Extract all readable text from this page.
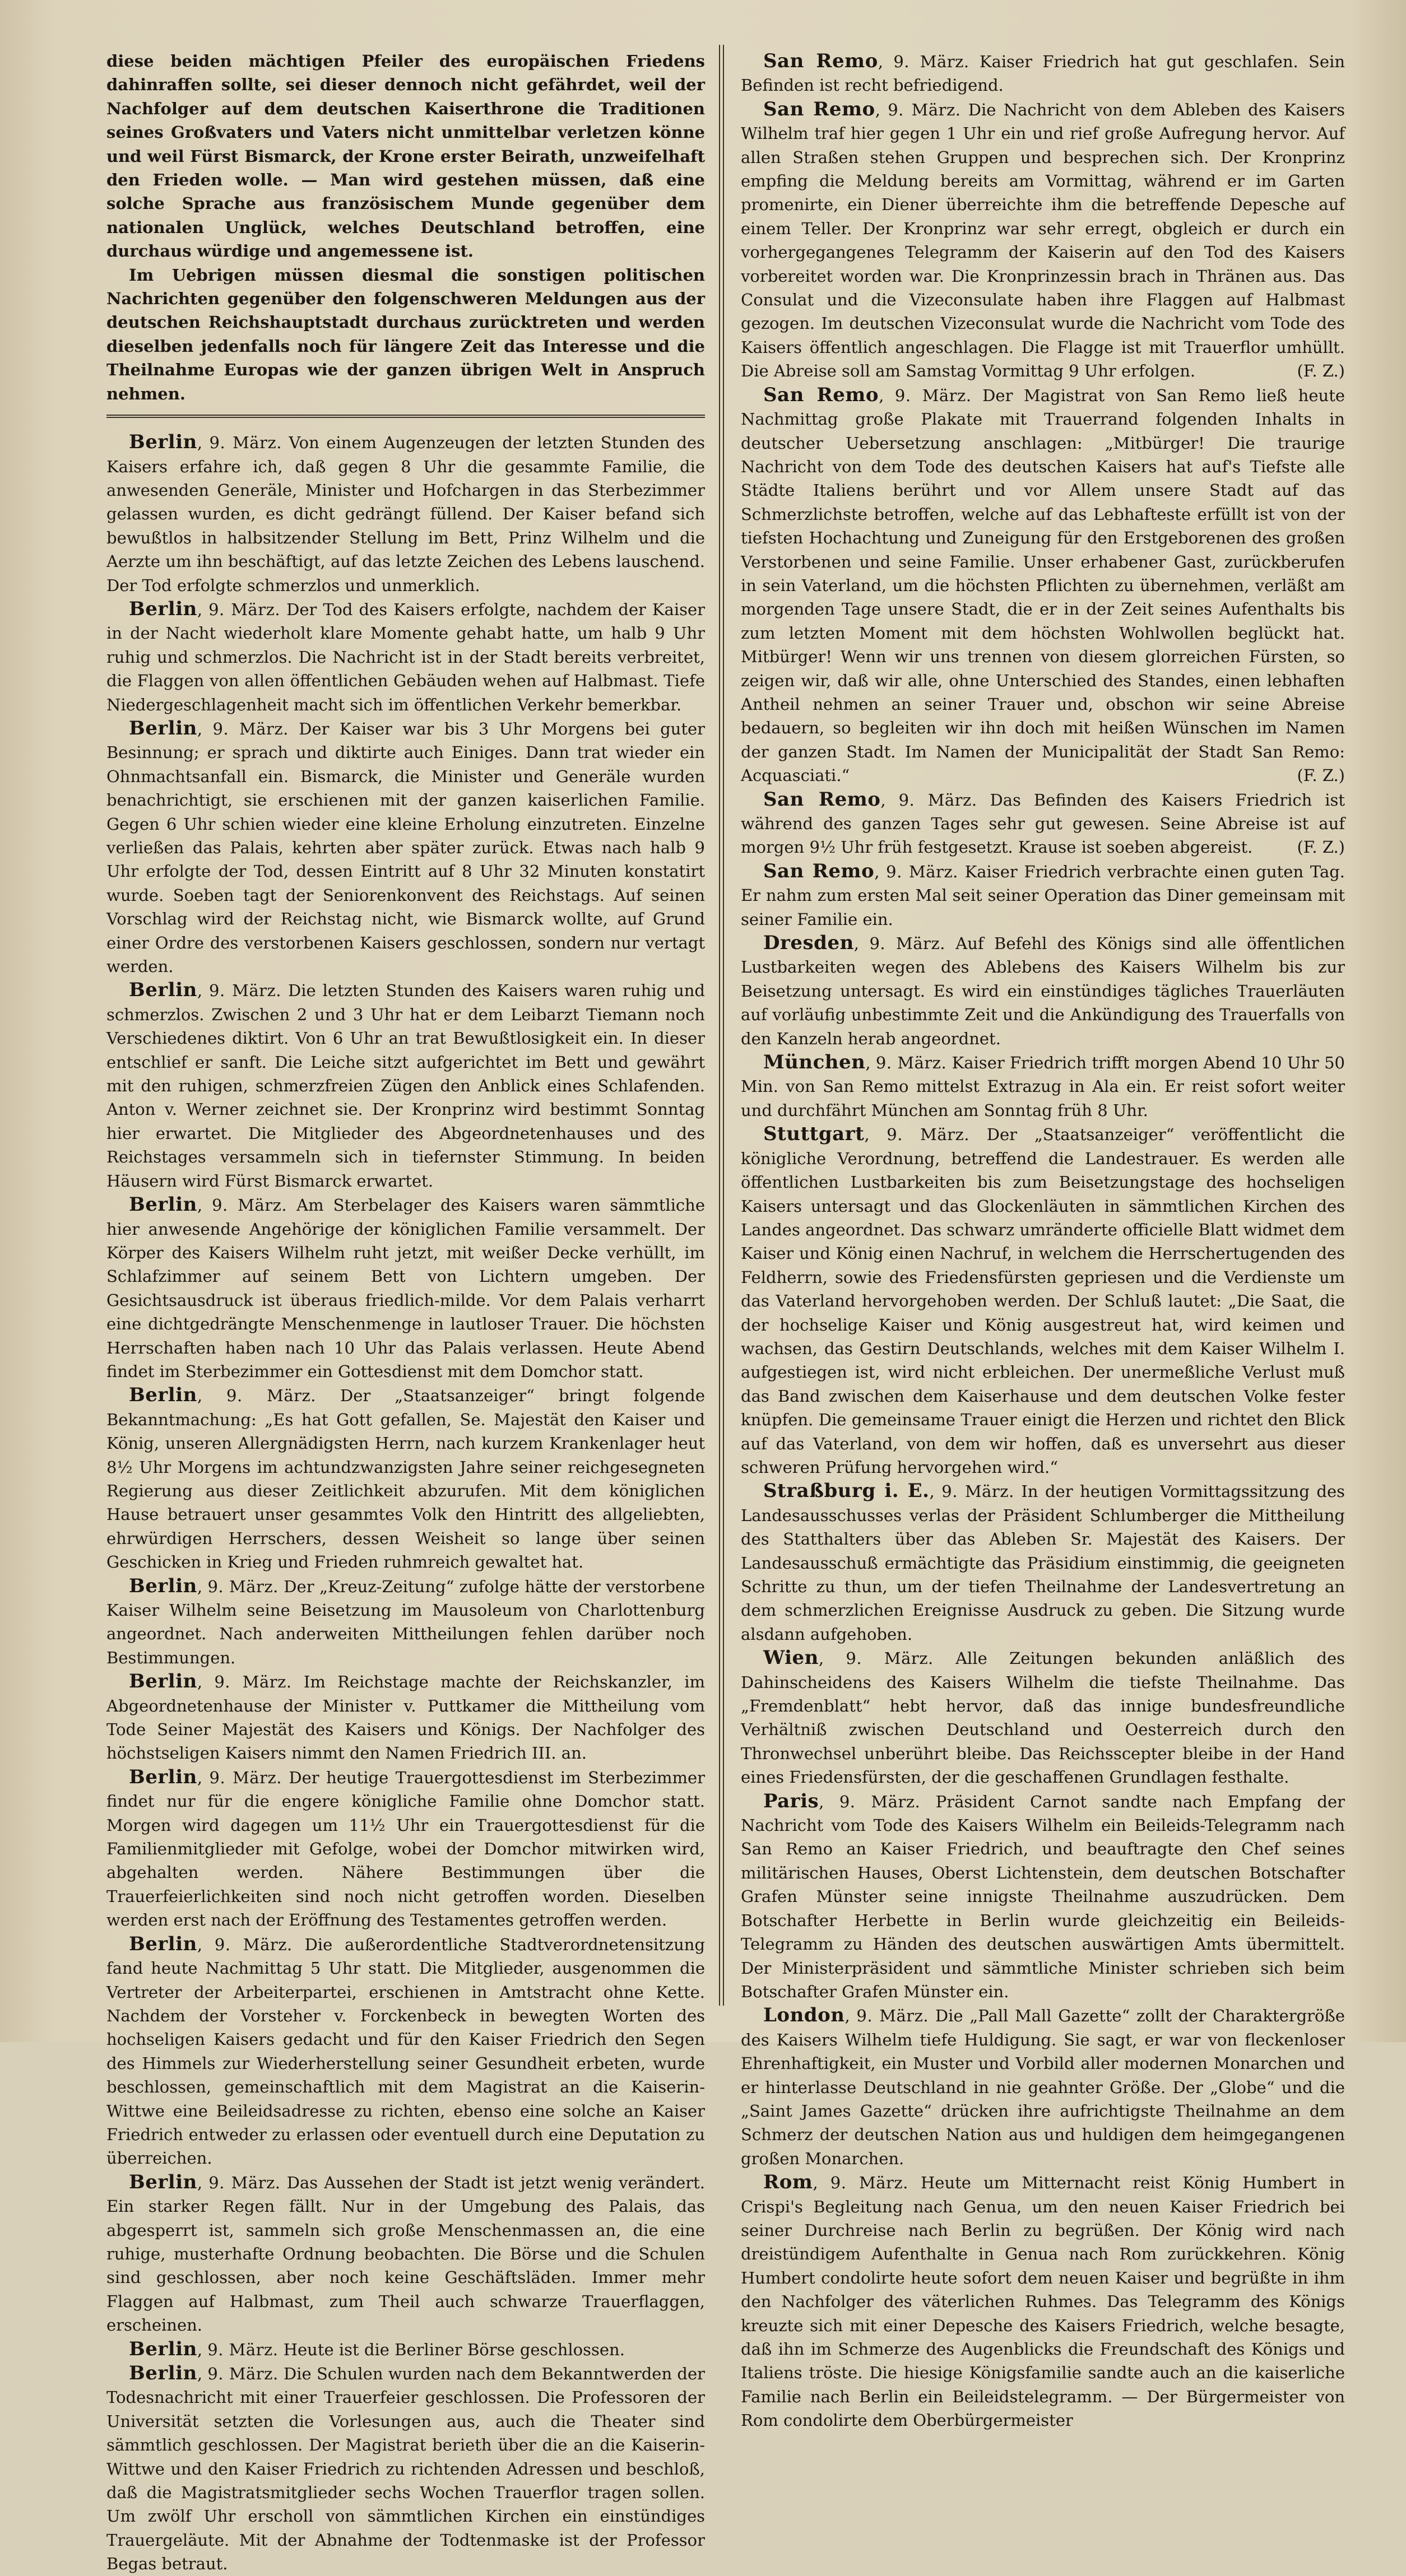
diese beiden mächtigen Pfeiler des europäischen Friedens dahinraffen sollte, sei dieser dennoch nicht gefährdet, weil der Nachfolger auf dem deutschen Kaiserthrone die Traditionen seines Großvaters und Vaters nicht unmittelbar verletzen könne und weil Fürst Bismarck, der Krone erster Beirath, unzweifelhaft den Frieden wolle. — Man wird gestehen müssen, daß eine solche Sprache aus französischem Munde gegenüber dem nationalen Unglück, welches Deutschland betroffen, eine durchaus würdige und angemessene ist.

Im Uebrigen müssen diesmal die sonstigen politischen Nachrichten gegenüber den folgenschweren Meldungen aus der deutschen Reichshauptstadt durchaus zurücktreten und werden dieselben jedenfalls noch für längere Zeit das Interesse und die Theilnahme Europas wie der ganzen übrigen Welt in Anspruch nehmen.

Berlin, 9. März. Von einem Augenzeugen der letzten Stunden des Kaisers erfahre ich, daß gegen 8 Uhr die gesammte Familie, die anwesenden Generäle, Minister und Hofchargen in das Sterbezimmer gelassen wurden, es dicht gedrängt füllend. Der Kaiser befand sich bewußtlos in halbsitzender Stellung im Bett, Prinz Wilhelm und die Aerzte um ihn beschäftigt, auf das letzte Zeichen des Lebens lauschend. Der Tod erfolgte schmerzlos und unmerklich.

Berlin, 9. März. Der Tod des Kaisers erfolgte, nachdem der Kaiser in der Nacht wiederholt klare Momente gehabt hatte, um halb 9 Uhr ruhig und schmerzlos. Die Nachricht ist in der Stadt bereits verbreitet, die Flaggen von allen öffentlichen Gebäuden wehen auf Halbmast. Tiefe Niedergeschlagenheit macht sich im öffentlichen Verkehr bemerkbar.

Berlin, 9. März. Der Kaiser war bis 3 Uhr Morgens bei guter Besinnung; er sprach und diktirte auch Einiges. Dann trat wieder ein Ohnmachtsanfall ein. Bismarck, die Minister und Generäle wurden benachrichtigt, sie erschienen mit der ganzen kaiserlichen Familie. Gegen 6 Uhr schien wieder eine kleine Erholung einzutreten. Einzelne verließen das Palais, kehrten aber später zurück. Etwas nach halb 9 Uhr erfolgte der Tod, dessen Eintritt auf 8 Uhr 32 Minuten konstatirt wurde. Soeben tagt der Seniorenkonvent des Reichstags. Auf seinen Vorschlag wird der Reichstag nicht, wie Bismarck wollte, auf Grund einer Ordre des verstorbenen Kaisers geschlossen, sondern nur vertagt werden.

Berlin, 9. März. Die letzten Stunden des Kaisers waren ruhig und schmerzlos. Zwischen 2 und 3 Uhr hat er dem Leibarzt Tiemann noch Verschiedenes diktirt. Von 6 Uhr an trat Bewußtlosigkeit ein. In dieser entschlief er sanft. Die Leiche sitzt aufgerichtet im Bett und gewährt mit den ruhigen, schmerzfreien Zügen den Anblick eines Schlafenden. Anton v. Werner zeichnet sie. Der Kronprinz wird bestimmt Sonntag hier erwartet. Die Mitglieder des Abgeordnetenhauses und des Reichstages versammeln sich in tiefernster Stimmung. In beiden Häusern wird Fürst Bismarck erwartet.

Berlin, 9. März. Am Sterbelager des Kaisers waren sämmtliche hier anwesende Angehörige der königlichen Familie versammelt. Der Körper des Kaisers Wilhelm ruht jetzt, mit weißer Decke verhüllt, im Schlafzimmer auf seinem Bett von Lichtern umgeben. Der Gesichtsausdruck ist überaus friedlich-milde. Vor dem Palais verharrt eine dichtgedrängte Menschenmenge in lautloser Trauer. Die höchsten Herrschaften haben nach 10 Uhr das Palais verlassen. Heute Abend findet im Sterbezimmer ein Gottesdienst mit dem Domchor statt.

Berlin, 9. März. Der „Staatsanzeiger“ bringt folgende Bekanntmachung: „Es hat Gott gefallen, Se. Majestät den Kaiser und König, unseren Allergnädigsten Herrn, nach kurzem Krankenlager heut 8½ Uhr Morgens im achtundzwanzigsten Jahre seiner reichgesegneten Regierung aus dieser Zeitlichkeit abzurufen. Mit dem königlichen Hause betrauert unser gesammtes Volk den Hintritt des allgeliebten, ehrwürdigen Herrschers, dessen Weisheit so lange über seinen Geschicken in Krieg und Frieden ruhmreich gewaltet hat.

Berlin, 9. März. Der „Kreuz-Zeitung“ zufolge hätte der verstorbene Kaiser Wilhelm seine Beisetzung im Mausoleum von Charlottenburg angeordnet. Nach anderweiten Mittheilungen fehlen darüber noch Bestimmungen.

Berlin, 9. März. Im Reichstage machte der Reichskanzler, im Abgeordnetenhause der Minister v. Puttkamer die Mittheilung vom Tode Seiner Majestät des Kaisers und Königs. Der Nachfolger des höchstseligen Kaisers nimmt den Namen Friedrich III. an.

Berlin, 9. März. Der heutige Trauergottesdienst im Sterbezimmer findet nur für die engere königliche Familie ohne Domchor statt. Morgen wird dagegen um 11½ Uhr ein Trauergottesdienst für die Familienmitglieder mit Gefolge, wobei der Domchor mitwirken wird, abgehalten werden. Nähere Bestimmungen über die Trauerfeierlichkeiten sind noch nicht getroffen worden. Dieselben werden erst nach der Eröffnung des Testamentes getroffen werden.

Berlin, 9. März. Die außerordentliche Stadtverordnetensitzung fand heute Nachmittag 5 Uhr statt. Die Mitglieder, ausgenommen die Vertreter der Arbeiterpartei, erschienen in Amtstracht ohne Kette. Nachdem der Vorsteher v. Forckenbeck in bewegten Worten des hochseligen Kaisers gedacht und für den Kaiser Friedrich den Segen des Himmels zur Wiederherstellung seiner Gesundheit erbeten, wurde beschlossen, gemeinschaftlich mit dem Magistrat an die Kaiserin-Wittwe eine Beileidsadresse zu richten, ebenso eine solche an Kaiser Friedrich entweder zu erlassen oder eventuell durch eine Deputation zu überreichen.

Berlin, 9. März. Das Aussehen der Stadt ist jetzt wenig verändert. Ein starker Regen fällt. Nur in der Umgebung des Palais, das abgesperrt ist, sammeln sich große Menschenmassen an, die eine ruhige, musterhafte Ordnung beobachten. Die Börse und die Schulen sind geschlossen, aber noch keine Geschäftsläden. Immer mehr Flaggen auf Halbmast, zum Theil auch schwarze Trauerflaggen, erscheinen.

Berlin, 9. März. Heute ist die Berliner Börse geschlossen.

Berlin, 9. März. Die Schulen wurden nach dem Bekanntwerden der Todesnachricht mit einer Trauerfeier geschlossen. Die Professoren der Universität setzten die Vorlesungen aus, auch die Theater sind sämmtlich geschlossen. Der Magistrat berieth über die an die Kaiserin-Wittwe und den Kaiser Friedrich zu richtenden Adressen und beschloß, daß die Magistratsmitglieder sechs Wochen Trauerflor tragen sollen. Um zwölf Uhr erscholl von sämmtlichen Kirchen ein einstündiges Trauergeläute. Mit der Abnahme der Todtenmaske ist der Professor Begas betraut.

San Remo, 9. März. Kaiser Friedrich hat gut geschlafen. Sein Befinden ist recht befriedigend.

San Remo, 9. März. Die Nachricht von dem Ableben des Kaisers Wilhelm traf hier gegen 1 Uhr ein und rief große Aufregung hervor. Auf allen Straßen stehen Gruppen und besprechen sich. Der Kronprinz empfing die Meldung bereits am Vormittag, während er im Garten promenirte, ein Diener überreichte ihm die betreffende Depesche auf einem Teller. Der Kronprinz war sehr erregt, obgleich er durch ein vorhergegangenes Telegramm der Kaiserin auf den Tod des Kaisers vorbereitet worden war. Die Kronprinzessin brach in Thränen aus. Das Consulat und die Vizeconsulate haben ihre Flaggen auf Halbmast gezogen. Im deutschen Vizeconsulat wurde die Nachricht vom Tode des Kaisers öffentlich angeschlagen. Die Flagge ist mit Trauerflor umhüllt. Die Abreise soll am Samstag Vormittag 9 Uhr erfolgen.	(F. Z.)

San Remo, 9. März. Der Magistrat von San Remo ließ heute Nachmittag große Plakate mit Trauerrand folgenden Inhalts in deutscher Uebersetzung anschlagen: „Mitbürger! Die traurige Nachricht von dem Tode des deutschen Kaisers hat auf's Tiefste alle Städte Italiens berührt und vor Allem unsere Stadt auf das Schmerzlichste betroffen, welche auf das Lebhafteste erfüllt ist von der tiefsten Hochachtung und Zuneigung für den Erstgeborenen des großen Verstorbenen und seine Familie. Unser erhabener Gast, zurückberufen in sein Vaterland, um die höchsten Pflichten zu übernehmen, verläßt am morgenden Tage unsere Stadt, die er in der Zeit seines Aufenthalts bis zum letzten Moment mit dem höchsten Wohlwollen beglückt hat. Mitbürger! Wenn wir uns trennen von diesem glorreichen Fürsten, so zeigen wir, daß wir alle, ohne Unterschied des Standes, einen lebhaften Antheil nehmen an seiner Trauer und, obschon wir seine Abreise bedauern, so begleiten wir ihn doch mit heißen Wünschen im Namen der ganzen Stadt. Im Namen der Municipalität der Stadt San Remo: Acquasciati.“	(F. Z.)

San Remo, 9. März. Das Befinden des Kaisers Friedrich ist während des ganzen Tages sehr gut gewesen. Seine Abreise ist auf morgen 9½ Uhr früh festgesetzt. Krause ist soeben abgereist.	(F. Z.)

San Remo, 9. März. Kaiser Friedrich verbrachte einen guten Tag. Er nahm zum ersten Mal seit seiner Operation das Diner gemeinsam mit seiner Familie ein.

Dresden, 9. März. Auf Befehl des Königs sind alle öffentlichen Lustbarkeiten wegen des Ablebens des Kaisers Wilhelm bis zur Beisetzung untersagt. Es wird ein einstündiges tägliches Trauerläuten auf vorläufig unbestimmte Zeit und die Ankündigung des Trauerfalls von den Kanzeln herab angeordnet.

München, 9. März. Kaiser Friedrich trifft morgen Abend 10 Uhr 50 Min. von San Remo mittelst Extrazug in Ala ein. Er reist sofort weiter und durchfährt München am Sonntag früh 8 Uhr.

Stuttgart, 9. März. Der „Staatsanzeiger“ veröffentlicht die königliche Verordnung, betreffend die Landestrauer. Es werden alle öffentlichen Lustbarkeiten bis zum Beisetzungstage des hochseligen Kaisers untersagt und das Glockenläuten in sämmtlichen Kirchen des Landes angeordnet. Das schwarz umränderte officielle Blatt widmet dem Kaiser und König einen Nachruf, in welchem die Herrschertugenden des Feldherrn, sowie des Friedensfürsten gepriesen und die Verdienste um das Vaterland hervorgehoben werden. Der Schluß lautet: „Die Saat, die der hochselige Kaiser und König ausgestreut hat, wird keimen und wachsen, das Gestirn Deutschlands, welches mit dem Kaiser Wilhelm I. aufgestiegen ist, wird nicht erbleichen. Der unermeßliche Verlust muß das Band zwischen dem Kaiserhause und dem deutschen Volke fester knüpfen. Die gemeinsame Trauer einigt die Herzen und richtet den Blick auf das Vaterland, von dem wir hoffen, daß es unversehrt aus dieser schweren Prüfung hervorgehen wird.“

Straßburg i. E., 9. März. In der heutigen Vormittagssitzung des Landesausschusses verlas der Präsident Schlumberger die Mittheilung des Statthalters über das Ableben Sr. Majestät des Kaisers. Der Landesausschuß ermächtigte das Präsidium einstimmig, die geeigneten Schritte zu thun, um der tiefen Theilnahme der Landesvertretung an dem schmerzlichen Ereignisse Ausdruck zu geben. Die Sitzung wurde alsdann aufgehoben.

Wien, 9. März. Alle Zeitungen bekunden anläßlich des Dahinscheidens des Kaisers Wilhelm die tiefste Theilnahme. Das „Fremdenblatt“ hebt hervor, daß das innige bundesfreundliche Verhältniß zwischen Deutschland und Oesterreich durch den Thronwechsel unberührt bleibe. Das Reichsscepter bleibe in der Hand eines Friedensfürsten, der die geschaffenen Grundlagen festhalte.

Paris, 9. März. Präsident Carnot sandte nach Empfang der Nachricht vom Tode des Kaisers Wilhelm ein Beileids-Telegramm nach San Remo an Kaiser Friedrich, und beauftragte den Chef seines militärischen Hauses, Oberst Lichtenstein, dem deutschen Botschafter Grafen Münster seine innigste Theilnahme auszudrücken. Dem Botschafter Herbette in Berlin wurde gleichzeitig ein Beileids-Telegramm zu Händen des deutschen auswärtigen Amts übermittelt. Der Ministerpräsident und sämmtliche Minister schrieben sich beim Botschafter Grafen Münster ein.

London, 9. März. Die „Pall Mall Gazette“ zollt der Charaktergröße des Kaisers Wilhelm tiefe Huldigung. Sie sagt, er war von fleckenloser Ehrenhaftigkeit, ein Muster und Vorbild aller modernen Monarchen und er hinterlasse Deutschland in nie geahnter Größe. Der „Globe“ und die „Saint James Gazette“ drücken ihre aufrichtigste Theilnahme an dem Schmerz der deutschen Nation aus und huldigen dem heimgegangenen großen Monarchen.

Rom, 9. März. Heute um Mitternacht reist König Humbert in Crispi's Begleitung nach Genua, um den neuen Kaiser Friedrich bei seiner Durchreise nach Berlin zu begrüßen. Der König wird nach dreistündigem Aufenthalte in Genua nach Rom zurückkehren. König Humbert condolirte heute sofort dem neuen Kaiser und begrüßte in ihm den Nachfolger des väterlichen Ruhmes. Das Telegramm des Königs kreuzte sich mit einer Depesche des Kaisers Friedrich, welche besagte, daß ihn im Schmerze des Augenblicks die Freundschaft des Königs und Italiens tröste. Die hiesige Königsfamilie sandte auch an die kaiserliche Familie nach Berlin ein Beileidstelegramm. — Der Bürgermeister von Rom condolirte dem Oberbürgermeister
